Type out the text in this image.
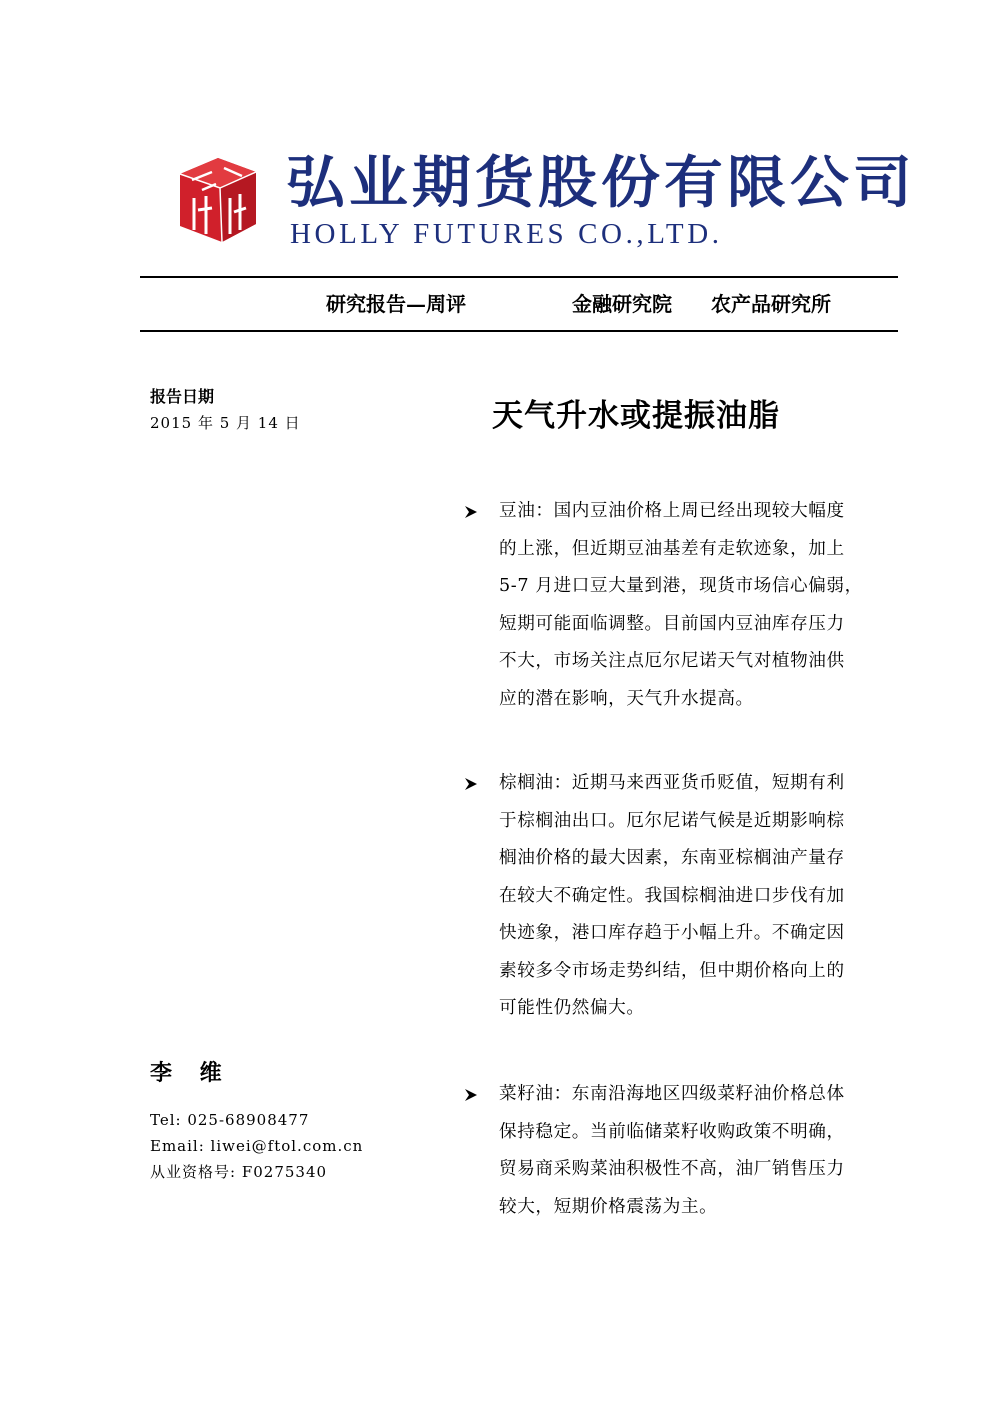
弘业期货股份有限公司
HOLLY FUTURES CO.,LTD.
研究报告—周评	金融研究院 农产品研究所
报告日期
2015 年 5 月 14 日	天气升水或提振油脂
豆油：国内豆油价格上周已经出现较大幅度
的上涨，但近期豆油基差有走软迹象，加上
5-7 月进口豆大量到港，现货市场信心偏弱，
短期可能面临调整。目前国内豆油库存压力
不大，市场关注点厄尔尼诺天气对植物油供
应的潜在影响，天气升水提高。
棕榈油：近期马来西亚货币贬值，短期有利
于棕榈油出口。厄尔尼诺气候是近期影响棕
榈油价格的最大因素，东南亚棕榈油产量存
在较大不确定性。我国棕榈油进口步伐有加
快迹象，港口库存趋于小幅上升。不确定因
素较多令市场走势纠结，但中期价格向上的
可能性仍然偏大。
菜籽油：东南沿海地区四级菜籽油价格总体
保持稳定。当前临储菜籽收购政策不明确，
贸易商采购菜油积极性不高，油厂销售压力
较大，短期价格震荡为主。
李 维
Tel: 025-68908477
Email: liwei@ftol.com.cn
从业资格号: F0275340
